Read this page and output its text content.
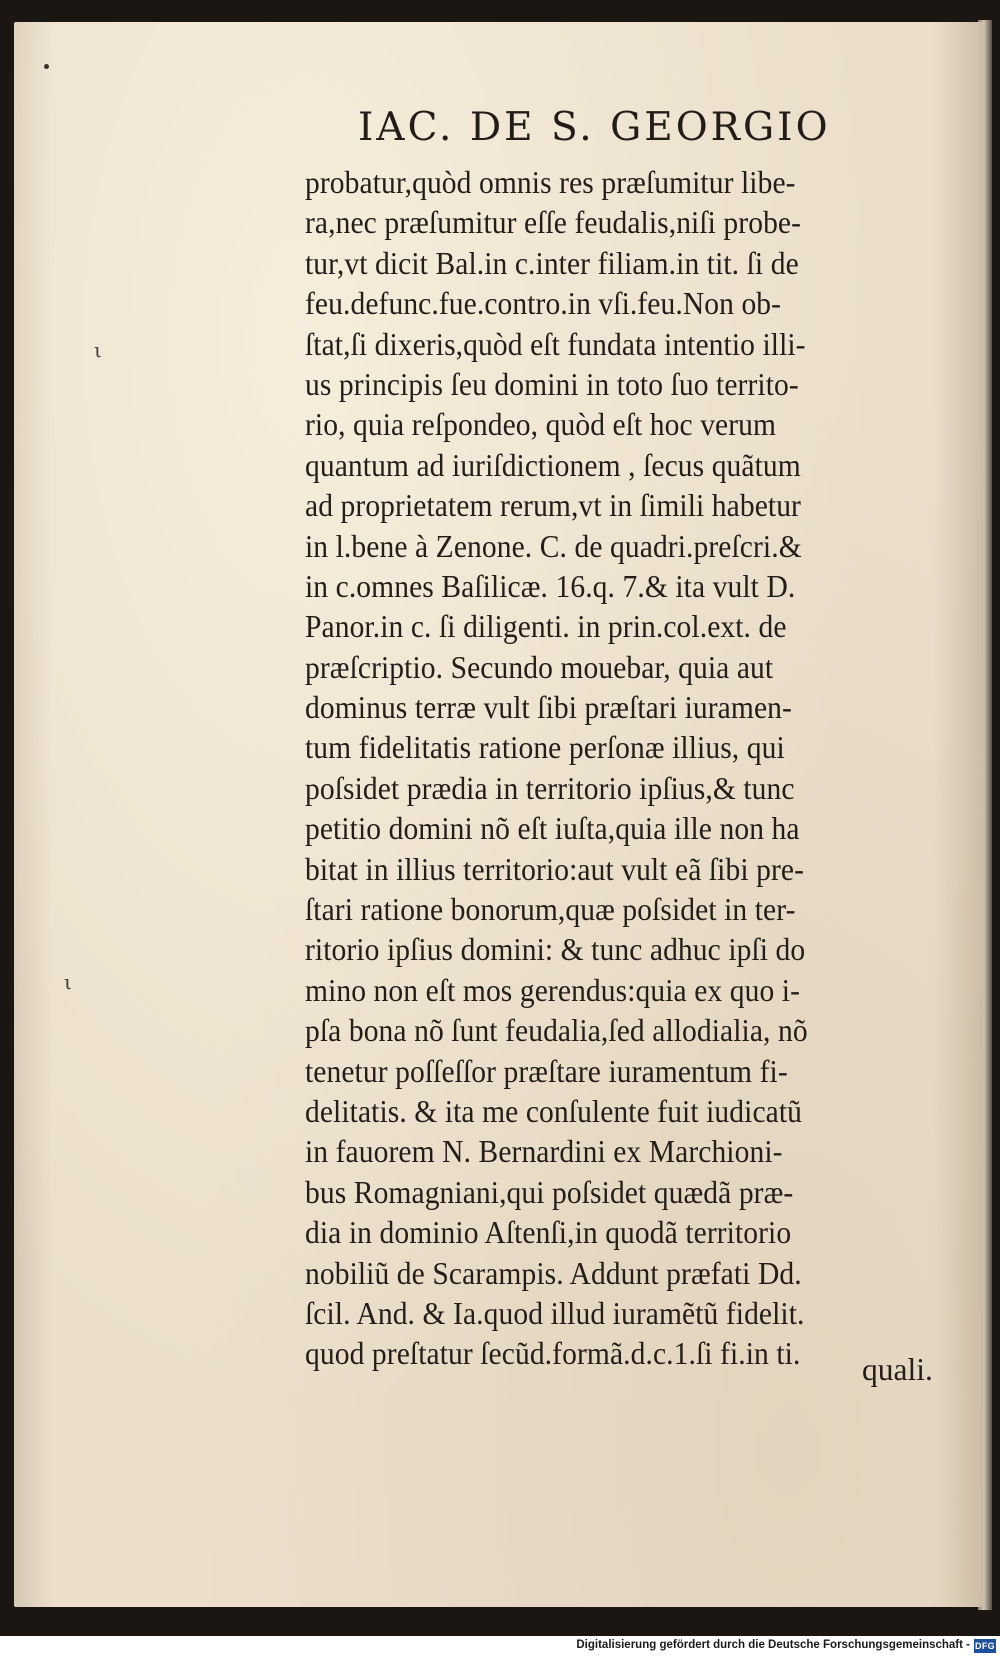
ι
ι
IAC. DE S. GEORGIO
probatur,quòd omnis res præſumitur libe-
ra,nec præſumitur eſſe feudalis,niſi probe-
tur,vt dicit Bal.in c.inter filiam.in tit. ſi de
feu.defunc.fue.contro.in vſi.feu.Non ob-
ſtat,ſi dixeris,quòd eſt fundata intentio illi-
us principis ſeu domini in toto ſuo territo-
rio, quia reſpondeo, quòd eſt hoc verum
quantum ad iuriſdictionem , ſecus quãtum
ad proprietatem rerum,vt in ſimili habetur
in l.bene à Zenone. C. de quadri.preſcri.&
in c.omnes Baſilicæ. 16.q. 7.& ita vult D.
Panor.in c. ſi diligenti. in prin.col.ext. de
præſcriptio. Secundo mouebar, quia aut
dominus terræ vult ſibi præſtari iuramen-
tum fidelitatis ratione perſonæ illius, qui
poſsidet prædia in territorio ipſius,& tunc
petitio domini nõ eſt iuſta,quia ille non ha
bitat in illius territorio:aut vult eã ſibi pre-
ſtari ratione bonorum,quæ poſsidet in ter-
ritorio ipſius domini: & tunc adhuc ipſi do
mino non eſt mos gerendus:quia ex quo i-
pſa bona nõ ſunt feudalia,ſed allodialia, nõ
tenetur poſſeſſor præſtare iuramentum fi-
delitatis. & ita me conſulente fuit iudicatũ
in fauorem N. Bernardini ex Marchioni-
bus Romagniani,qui poſsidet quædã præ-
dia in dominio Aſtenſi,in quodã territorio
nobiliũ de Scarampis. Addunt præfati Dd.
ſcil. And. & Ia.quod illud iuramẽtũ fidelit.
quod preſtatur ſecũd.formã.d.c.1.ſi fi.in ti.	quali.
Digitalisierung gefördert durch die Deutsche Forschungsgemeinschaft - DFG
